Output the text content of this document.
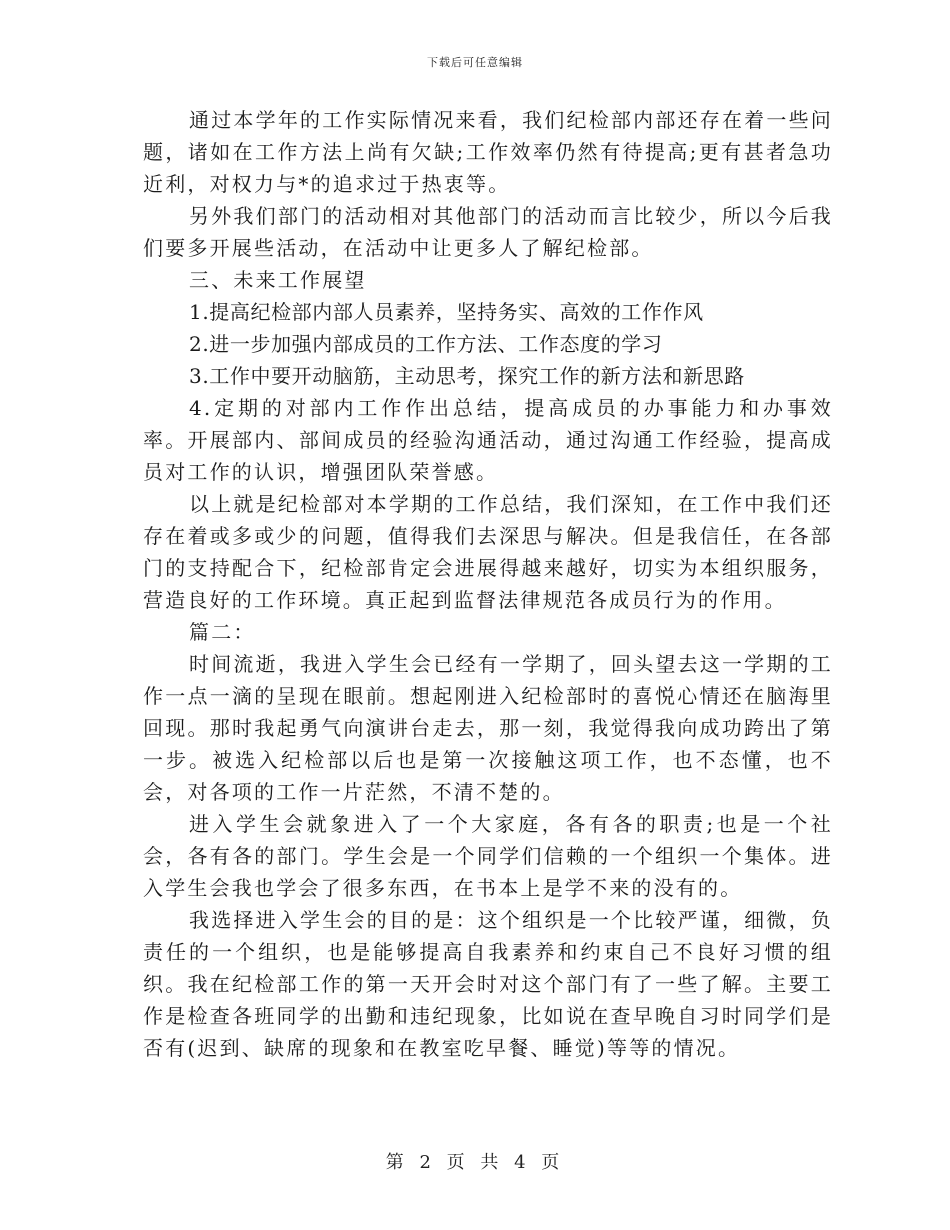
下载后可任意编辑

通过本学年的工作实际情况来看，我们纪检部内部还存在着一些问题，诸如在工作方法上尚有欠缺;工作效率仍然有待提高;更有甚者急功近利，对权力与*的追求过于热衷等。

另外我们部门的活动相对其他部门的活动而言比较少，所以今后我们要多开展些活动，在活动中让更多人了解纪检部。

三、未来工作展望

1.提高纪检部内部人员素养，坚持务实、高效的工作作风

2.进一步加强内部成员的工作方法、工作态度的学习

3.工作中要开动脑筋，主动思考，探究工作的新方法和新思路

4.定期的对部内工作作出总结，提高成员的办事能力和办事效率。开展部内、部间成员的经验沟通活动，通过沟通工作经验，提高成员对工作的认识，增强团队荣誉感。

以上就是纪检部对本学期的工作总结，我们深知，在工作中我们还存在着或多或少的问题，值得我们去深思与解决。但是我信任，在各部门的支持配合下，纪检部肯定会进展得越来越好，切实为本组织服务，营造良好的工作环境。真正起到监督法律规范各成员行为的作用。

篇二：

时间流逝，我进入学生会已经有一学期了，回头望去这一学期的工作一点一滴的呈现在眼前。想起刚进入纪检部时的喜悦心情还在脑海里回现。那时我起勇气向演讲台走去，那一刻，我觉得我向成功跨出了第一步。被选入纪检部以后也是第一次接触这项工作，也不态懂，也不会，对各项的工作一片茫然，不清不楚的。

进入学生会就象进入了一个大家庭，各有各的职责;也是一个社会，各有各的部门。学生会是一个同学们信赖的一个组织一个集体。进入学生会我也学会了很多东西，在书本上是学不来的没有的。

我选择进入学生会的目的是：这个组织是一个比较严谨，细微，负责任的一个组织，也是能够提高自我素养和约束自己不良好习惯的组织。我在纪检部工作的第一天开会时对这个部门有了一些了解。主要工作是检查各班同学的出勤和违纪现象，比如说在查早晚自习时同学们是否有(迟到、缺席的现象和在教室吃早餐、睡觉)等等的情况。

第 2 页 共 4 页
